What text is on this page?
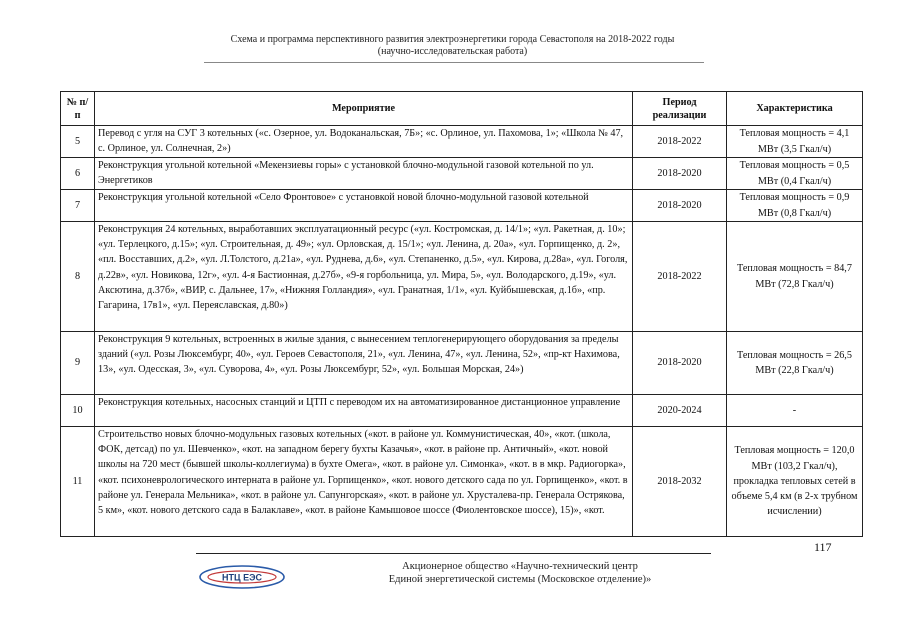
Схема и программа перспективного развития электроэнергетики города Севастополя на 2018-2022 годы
(научно-исследовательская работа)
№ п/п	Мероприятие	Период реализации	Характеристика
5	Перевод с угля на СУГ 3 котельных («с. Озерное, ул. Водоканальская, 7Б»; «с. Орлиное, ул. Пахомова, 1»; «Школа № 47, с. Орлиное, ул. Солнечная, 2»)	2018-2022	Тепловая мощность = 4,1 МВт (3,5 Гкал/ч)
6	Реконструкция угольной котельной «Мекензиевы горы» с установкой блочно-модульной газовой котельной по ул. Энергетиков	2018-2020	Тепловая мощность = 0,5 МВт (0,4 Гкал/ч)
7	Реконструкция угольной котельной «Село Фронтовое» с установкой новой блочно-модульной газовой котельной	2018-2020	Тепловая мощность = 0,9 МВт (0,8 Гкал/ч)
8	Реконструкция 24 котельных, выработавших эксплуатационный ресурс («ул. Костромская, д. 14/1»; «ул. Ракетная, д. 10»; «ул. Терлецкого, д.15»; «ул. Строительная, д. 49»; «ул. Орловская, д. 15/1»; «ул. Ленина, д. 20а», «ул. Горпищенко, д. 2», «пл. Восставших, д.2», «ул. Л.Толстого, д.21а», «ул. Руднева, д.6», «ул. Степаненко, д.5», «ул. Кирова, д.28а», «ул. Гоголя, д.22в», «ул. Новикова, 12г», «ул. 4-я Бастионная, д.27б», «9-я горбольница, ул. Мира, 5», «ул. Володарского, д.19», «ул. Аксютина, д.37б», «ВИР, с. Дальнее, 17», «Нижняя Голландия», «ул. Гранатная, 1/1», «ул. Куйбышевская, д.1б», «пр. Гагарина, 17в1», «ул. Переяславская, д.80»)	2018-2022	Тепловая мощность = 84,7 МВт (72,8 Гкал/ч)
9	Реконструкция 9 котельных, встроенных в жилые здания, с вынесением теплогенерирующего оборудования за пределы зданий («ул. Розы Люксембург, 40», «ул. Героев Севастополя, 21», «ул. Ленина, 47», «ул. Ленина, 52», «пр-кт Нахимова, 13», «ул. Одесская, 3», «ул. Суворова, 4», «ул. Розы Люксембург, 52», «ул. Большая Морская, 24»)	2018-2020	Тепловая мощность = 26,5 МВт (22,8 Гкал/ч)
10	Реконструкция котельных, насосных станций и ЦТП с переводом их на автоматизированное дистанционное управление	2020-2024	-
11	Строительство новых блочно-модульных газовых котельных («кот. в районе ул. Коммунистическая, 40», «кот. (школа, ФОК, детсад) по ул. Шевченко», «кот. на западном берегу бухты Казачья», «кот. в районе пр. Античный», «кот. новой школы на 720 мест (бывшей школы-коллегиума) в бухте Омега», «кот. в районе ул. Симонка», «кот. в в мкр. Радиогорка», «кот. психоневрологического интерната в районе ул. Горпищенко», «кот. нового детского сада по ул. Горпищенко», «кот. в районе ул. Генерала Мельника», «кот. в районе ул. Сапунгорская», «кот. в районе ул. Хрусталева-пр. Генерала Острякова, 5 км», «кот. нового детского сада в Балаклаве», «кот. в районе Камышовое шоссе (Фиолентовское шоссе), 15)», «кот.	2018-2032	Тепловая мощность = 120,0 МВт (103,2 Гкал/ч), прокладка тепловых сетей в объеме 5,4 км (в 2-х трубном исчислении)
117
НТЦ ЕЭС
Акционерное общество «Научно-технический центр
Единой энергетической системы (Московское отделение)»
